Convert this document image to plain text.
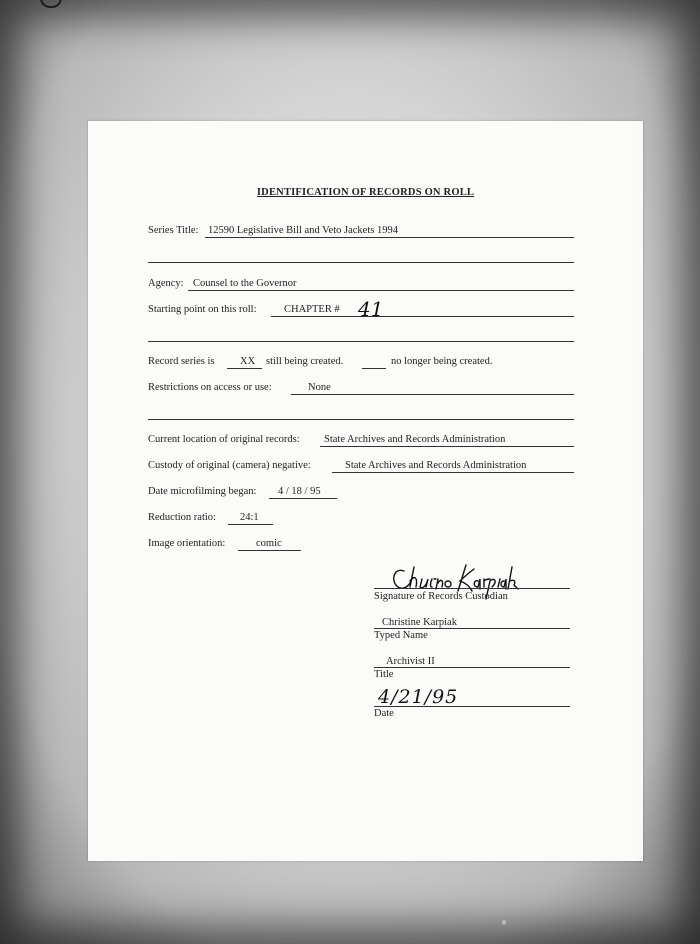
IDENTIFICATION OF RECORDS ON ROLL
Series Title: 12590 Legislative Bill and Veto Jackets 1994
Agency: Counsel to the Governor
Starting point on this roll:	CHAPTER # 41
Record series is XX still being created.	no longer being created.
Restrictions on access or use:	None
Current location of original records: State Archives and Records Administration
Custody of original (camera) negative:	State Archives and Records Administration
Date microfilming began: 4 / 18 / 95
Reduction ratio: 24:1
Image orientation:	comic
Signature of Records Custodian
Christine Karpiak
Typed Name
Archivist II
Title
4/21/95
Date
